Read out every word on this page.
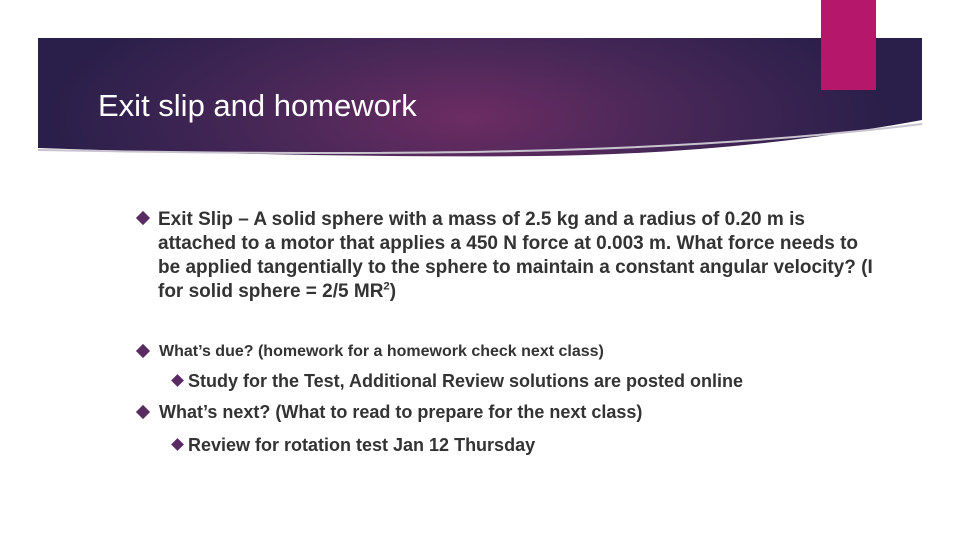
Exit slip and homework
Exit Slip – A solid sphere with a mass of 2.5 kg and a radius of 0.20 m is attached to a motor that applies a 450 N force at 0.003 m. What force needs to be applied tangentially to the sphere to maintain a constant angular velocity? (I for solid sphere = 2/5 $MR^2$)
What’s due? (homework for a homework check next class)
Study for the Test, Additional Review solutions are posted online
What’s next? (What to read to prepare for the next class)
Review for rotation test Jan 12 Thursday
